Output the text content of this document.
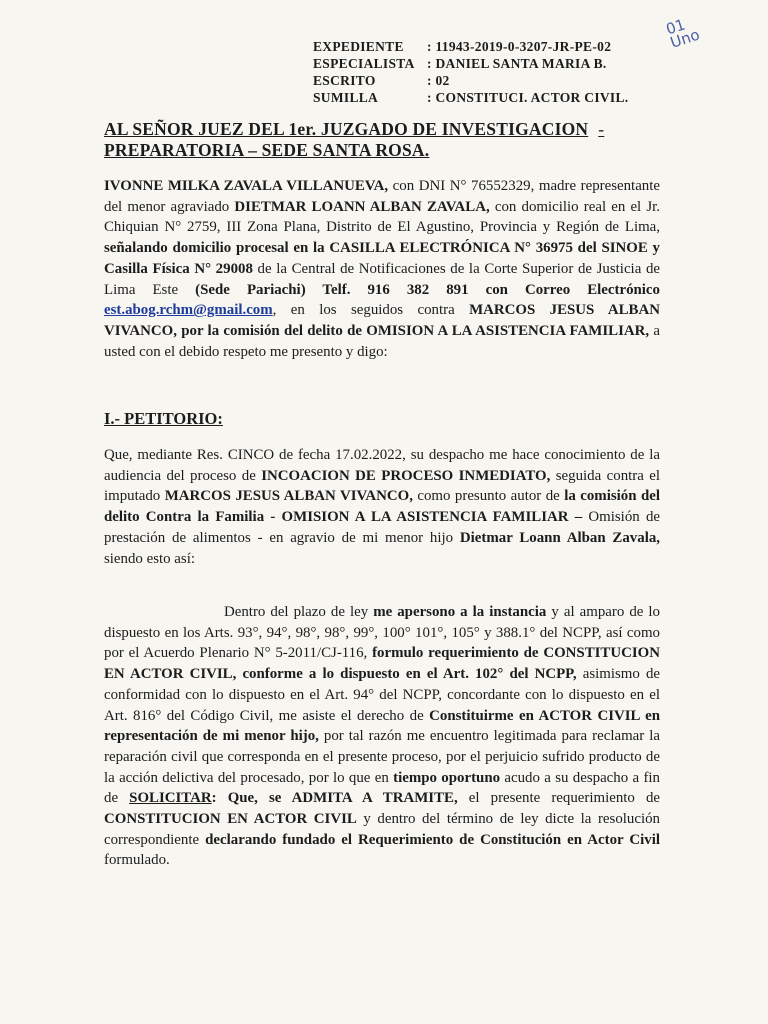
01
Uno
EXPEDIENTE	: 11943-2019-0-3207-JR-PE-02
ESPECIALISTA : DANIEL SANTA MARIA B.
ESCRITO	: 02
SUMILLA	: CONSTITUCI. ACTOR CIVIL.
AL SEÑOR JUEZ DEL 1er. JUZGADO DE INVESTIGACION -
PREPARATORIA – SEDE SANTA ROSA.
IVONNE MILKA ZAVALA VILLANUEVA, con DNI N° 76552329, madre representante del menor agraviado DIETMAR LOANN ALBAN ZAVALA, con domicilio real en el Jr. Chiquian N° 2759, III Zona Plana, Distrito de El Agustino, Provincia y Región de Lima, señalando domicilio procesal en la CASILLA ELECTRÓNICA N° 36975 del SINOE y Casilla Física N° 29008 de la Central de Notificaciones de la Corte Superior de Justicia de Lima Este (Sede Pariachi) Telf. 916 382 891 con Correo Electrónico est.abog.rchm@gmail.com, en los seguidos contra MARCOS JESUS ALBAN VIVANCO, por la comisión del delito de OMISION A LA ASISTENCIA FAMILIAR, a usted con el debido respeto me presento y digo:
I.- PETITORIO:
Que, mediante Res. CINCO de fecha 17.02.2022, su despacho me hace conocimiento de la audiencia del proceso de INCOACION DE PROCESO INMEDIATO, seguida contra el imputado MARCOS JESUS ALBAN VIVANCO, como presunto autor de la comisión del delito Contra la Familia - OMISION A LA ASISTENCIA FAMILIAR – Omisión de prestación de alimentos - en agravio de mi menor hijo Dietmar Loann Alban Zavala, siendo esto así:
Dentro del plazo de ley me apersono a la instancia y al amparo de lo dispuesto en los Arts. 93°, 94°, 98°, 98°, 99°, 100° 101°, 105° y 388.1° del NCPP, así como por el Acuerdo Plenario N° 5-2011/CJ-116, formulo requerimiento de CONSTITUCION EN ACTOR CIVIL, conforme a lo dispuesto en el Art. 102° del NCPP, asimismo de conformidad con lo dispuesto en el Art. 94° del NCPP, concordante con lo dispuesto en el Art. 816° del Código Civil, me asiste el derecho de Constituirme en ACTOR CIVIL en representación de mi menor hijo, por tal razón me encuentro legitimada para reclamar la reparación civil que corresponda en el presente proceso, por el perjuicio sufrido producto de la acción delictiva del procesado, por lo que en tiempo oportuno acudo a su despacho a fin de SOLICITAR: Que, se ADMITA A TRAMITE, el presente requerimiento de CONSTITUCION EN ACTOR CIVIL y dentro del término de ley dicte la resolución correspondiente declarando fundado el Requerimiento de Constitución en Actor Civil formulado.
